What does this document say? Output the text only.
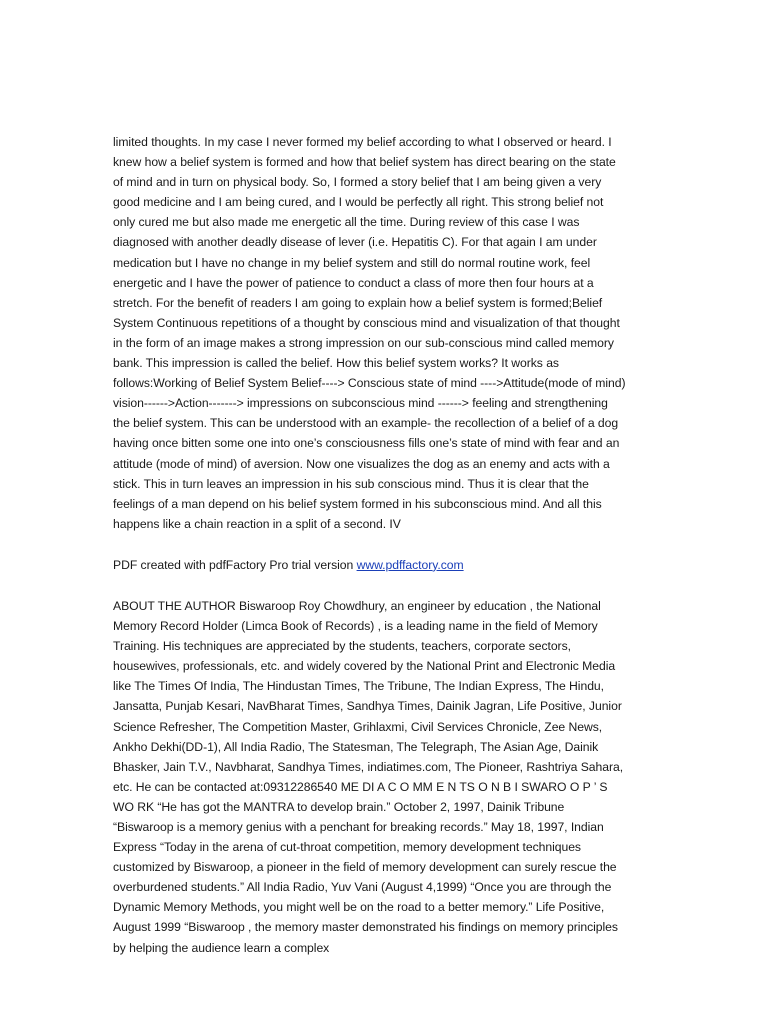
limited thoughts. In my case I never formed my belief according to what I observed or heard. I knew how a belief system is formed and how that belief system has direct bearing on the state of mind and in turn on physical body. So, I formed a story belief that I am being given a very good medicine and I am being cured, and I would be perfectly all right. This strong belief not only cured me but also made me energetic all the time. During review of this case I was diagnosed with another deadly disease of lever (i.e. Hepatitis C). For that again I am under medication but I have no change in my belief system and still do normal routine work, feel energetic and I have the power of patience to conduct a class of more then four hours at a stretch. For the benefit of readers I am going to explain how a belief system is formed;Belief System Continuous repetitions of a thought by conscious mind and visualization of that thought in the form of an image makes a strong impression on our sub-conscious mind called memory bank. This impression is called the belief. How this belief system works? It works as follows:Working of Belief System Belief----> Conscious state of mind ---->Attitude(mode of mind) vision------>Action-------> impressions on subconscious mind ------> feeling and strengthening the belief system. This can be understood with an example- the recollection of a belief of a dog having once bitten some one into one’s consciousness fills one’s state of mind with fear and an attitude (mode of mind) of aversion. Now one visualizes the dog as an enemy and acts with a stick. This in turn leaves an impression in his sub conscious mind. Thus it is clear that the feelings of a man depend on his belief system formed in his subconscious mind. And all this happens like a chain reaction in a split of a second. IV

PDF created with pdfFactory Pro trial version www.pdffactory.com

ABOUT THE AUTHOR Biswaroop Roy Chowdhury, an engineer by education , the National Memory Record Holder (Limca Book of Records) , is a leading name in the field of Memory Training. His techniques are appreciated by the students, teachers, corporate sectors, housewives, professionals, etc. and widely covered by the National Print and Electronic Media like The Times Of India, The Hindustan Times, The Tribune, The Indian Express, The Hindu, Jansatta, Punjab Kesari, NavBharat Times, Sandhya Times, Dainik Jagran, Life Positive, Junior Science Refresher, The Competition Master, Grihlaxmi, Civil Services Chronicle, Zee News, Ankho Dekhi(DD-1), All India Radio, The Statesman, The Telegraph, The Asian Age, Dainik Bhasker, Jain T.V., Navbharat, Sandhya Times, indiatimes.com, The Pioneer, Rashtriya Sahara, etc. He can be contacted at:09312286540 ME DI A C O MM E N TS O N B I SWARO O P ’ S WO RK “He has got the MANTRA to develop brain.” October 2, 1997, Dainik Tribune “Biswaroop is a memory genius with a penchant for breaking records.” May 18, 1997, Indian Express “Today in the arena of cut-throat competition, memory development techniques customized by Biswaroop, a pioneer in the field of memory development can surely rescue the overburdened students.” All India Radio, Yuv Vani (August 4,1999) “Once you are through the Dynamic Memory Methods, you might well be on the road to a better memory.” Life Positive, August 1999 “Biswaroop , the memory master demonstrated his findings on memory principles by helping the audience learn a complex
